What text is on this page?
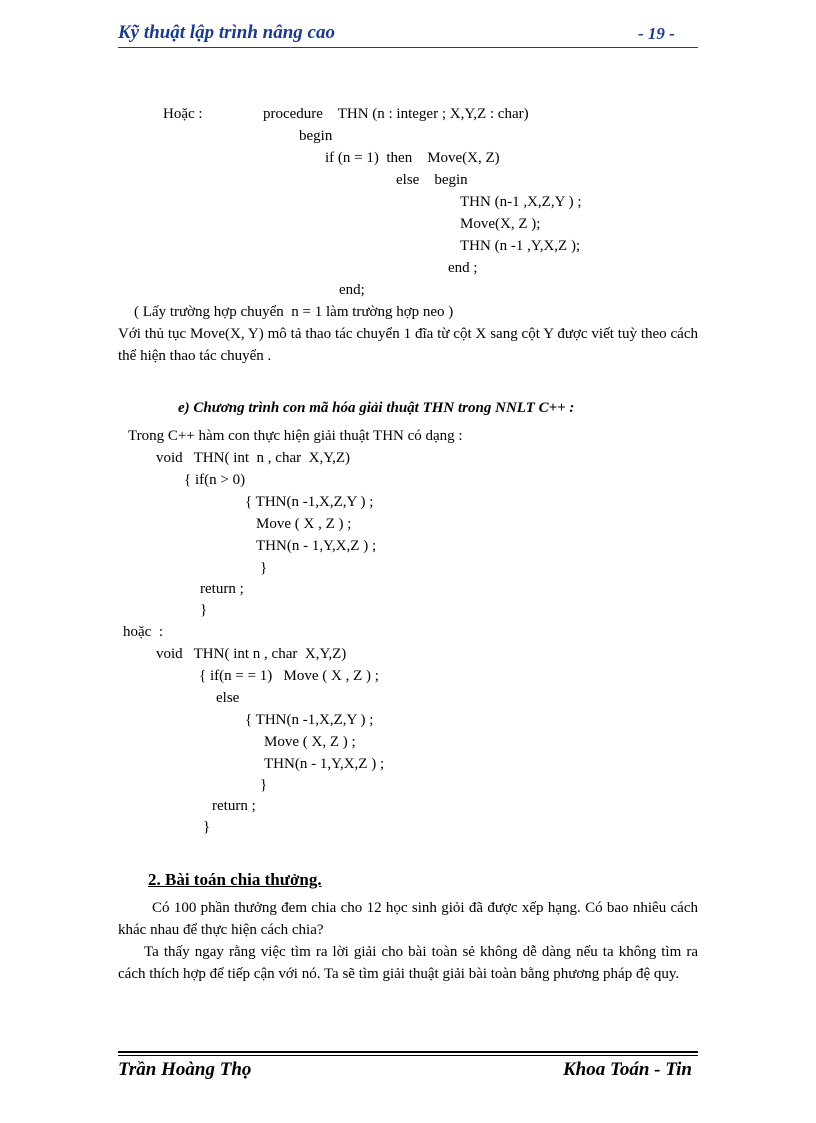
Kỹ thuật lập trình nâng cao	- 19 -
Hoặc :	procedure    THN (n : integer ; X,Y,Z : char)
begin
if (n = 1)  then    Move(X, Z)
else    begin
THN (n-1 ,X,Z,Y ) ;
Move(X, Z );
THN (n -1 ,Y,X,Z );
end ;
end;
( Lấy trường hợp chuyển  n = 1 làm trường hợp neo )
Với thủ tục Move(X, Y) mô tả thao tác chuyển 1 đĩa từ cột X sang cột Y được viết tuỳ theo cách thể hiện thao tác chuyển .
e) Chương trình con mã hóa giải thuật THN trong NNLT C++ :
Trong C++ hàm con thực hiện giải thuật THN có dạng :
void   THN( int  n , char  X,Y,Z)
{ if(n > 0)
{ THN(n -1,X,Z,Y ) ;
Move ( X , Z ) ;
THN(n - 1,Y,X,Z ) ;
}
return ;
}
hoặc  :
void   THN( int n , char  X,Y,Z)
{ if(n = = 1)   Move ( X , Z ) ;
else
{ THN(n -1,X,Z,Y ) ;
Move ( X, Z ) ;
THN(n - 1,Y,X,Z ) ;
}
return ;
}
2. Bài toán chia thưởng.
Có 100 phần thưởng đem chia cho 12 học sinh giỏi đã được xếp hạng. Có bao nhiêu cách khác nhau để thực hiện cách chia?
Ta thấy ngay rằng việc tìm ra lời giải cho bài toàn sẻ không dễ dàng nếu ta không tìm ra cách thích hợp để tiếp cận với nó. Ta sẽ tìm giải thuật giải bài toàn bằng phương pháp đệ quy.
Trần Hoàng Thọ	Khoa Toán - Tin
